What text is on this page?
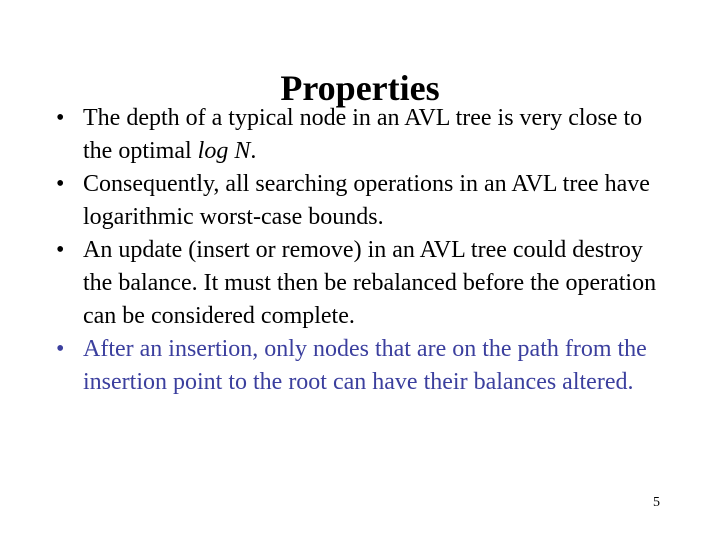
Properties
• The depth of a typical node in an AVL tree is very close to the optimal log N.
• Consequently, all searching operations in an AVL tree have logarithmic worst-case bounds.
• An update (insert or remove) in an AVL tree could destroy the balance. It must then be rebalanced before the operation can be considered complete.
• After an insertion, only nodes that are on the path from the insertion point to the root can have their balances altered.
5
